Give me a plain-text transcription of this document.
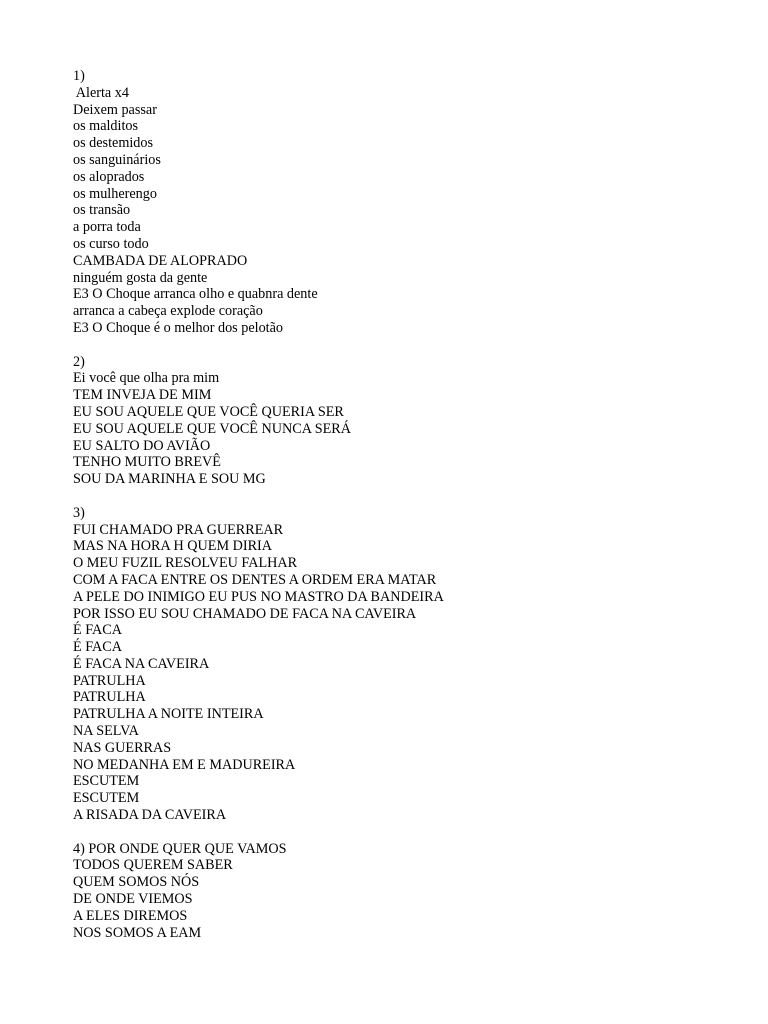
1)
Alerta x4
Deixem passar
os malditos
os destemidos
os sanguinários
os aloprados
os mulherengo
os transão
a porra toda
os curso todo
CAMBADA DE ALOPRADO
ninguém gosta da gente
E3 O Choque arranca olho e quabnra dente
arranca a cabeça explode coração
E3 O Choque é o melhor dos pelotão
2)
Ei você que olha pra mim
TEM INVEJA DE MIM
EU SOU AQUELE QUE VOCÊ QUERIA SER
EU SOU AQUELE QUE VOCÊ NUNCA SERÁ
EU SALTO DO AVIÃO
TENHO MUITO BREVÊ
SOU DA MARINHA E SOU MG
3)
FUI CHAMADO PRA GUERREAR
MAS NA HORA H QUEM DIRIA
O MEU FUZIL RESOLVEU FALHAR
COM A FACA ENTRE OS DENTES A ORDEM ERA MATAR
A PELE DO INIMIGO EU PUS NO MASTRO DA BANDEIRA
POR ISSO EU SOU CHAMADO DE FACA NA CAVEIRA
É FACA
É FACA
É FACA NA CAVEIRA
PATRULHA
PATRULHA
PATRULHA A NOITE INTEIRA
NA SELVA
NAS GUERRAS
NO MEDANHA EM E MADUREIRA
ESCUTEM
ESCUTEM
A RISADA DA CAVEIRA
4) POR ONDE QUER QUE VAMOS
TODOS QUEREM SABER
QUEM SOMOS NÓS
DE ONDE VIEMOS
A ELES DIREMOS
NOS SOMOS A EAM
